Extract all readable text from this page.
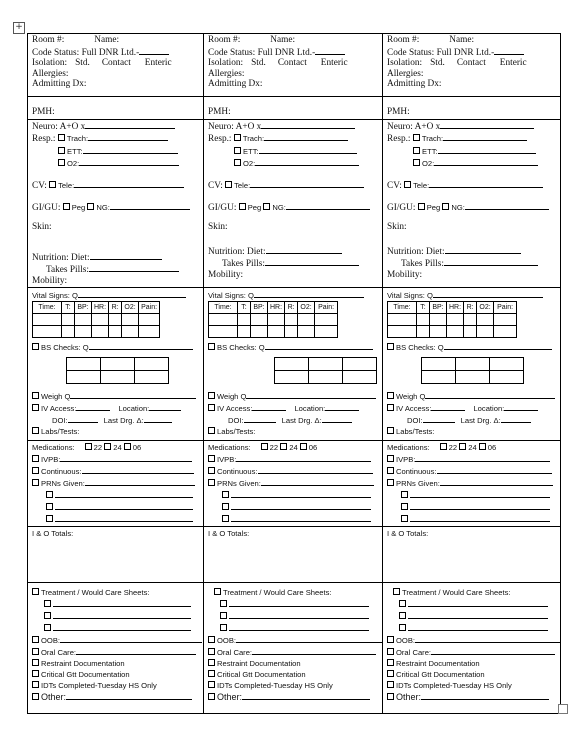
+
Room #:	Name:
Code Status: Full DNR Ltd.-
Isolation: Std. Contact Enteric
Allergies:
Admitting Dx:

Room #:	Name:
Code Status: Full DNR Ltd.-
Isolation: Std. Contact Enteric
Allergies:
Admitting Dx:

Room #:	Name:
Code Status: Full DNR Ltd.-
Isolation: Std. Contact Enteric
Allergies:
Admitting Dx:

PMH:
Neuro: A+O x
Resp.: Trach:
ETT:
O2:
CV: Tele:
GI/GU: Peg NG:
Skin:
Nutrition: Diet:
Takes Pills:
Mobility:

PMH:
Neuro: A+O x
Resp.: Trach:
ETT:
O2:
CV: Tele:
GI/GU: Peg NG:
Skin:
Nutrition: Diet:
Takes Pills:
Mobility:

PMH:
Neuro: A+O x
Resp.: Trach:
ETT:
O2:
CV: Tele:
GI/GU: Peg NG:
Skin:
Nutrition: Diet:
Takes Pills:
Mobility:

Vital Signs: Q
Time:	T:	BP:	HR:	R:	O2:	Pain:

BS Checks: Q

Weigh Q
IV Access:	Location:
DOI:	Last Drg. Δ:
Labs/Tests:

Vital Signs: Q
Time:	T:	BP:	HR:	R:	O2:	Pain:

BS Checks: Q

Weigh Q
IV Access:	Location:
DOI:	Last Drg. Δ:
Labs/Tests:

Vital Signs: Q
Time:	T:	BP:	HR:	R:	O2:	Pain:

BS Checks: Q

Weigh Q
IV Access:	Location:
DOI:	Last Drg. Δ:
Labs/Tests:

Medications:	22 24 06
IVPB:
Continuous:
PRNs Given:

Medications:	22 24 06
IVPB:
Continuous:
PRNs Given:

Medications:	22 24 06
IVPB:
Continuous:
PRNs Given:

I & O Totals:	I & O Totals:	I & O Totals:

Treatment / Would Care Sheets:
OOB:
Oral Care:
Restraint Documentation
Critical Gtt Documentation
IDTs Completed-Tuesday HS Only
Other:

Treatment / Would Care Sheets:
OOB:
Oral Care:
Restraint Documentation
Critical Gtt Documentation
IDTs Completed-Tuesday HS Only
Other:

Treatment / Would Care Sheets:
OOB:
Oral Care:
Restraint Documentation
Critical Gtt Documentation
IDTs Completed-Tuesday HS Only
Other:
